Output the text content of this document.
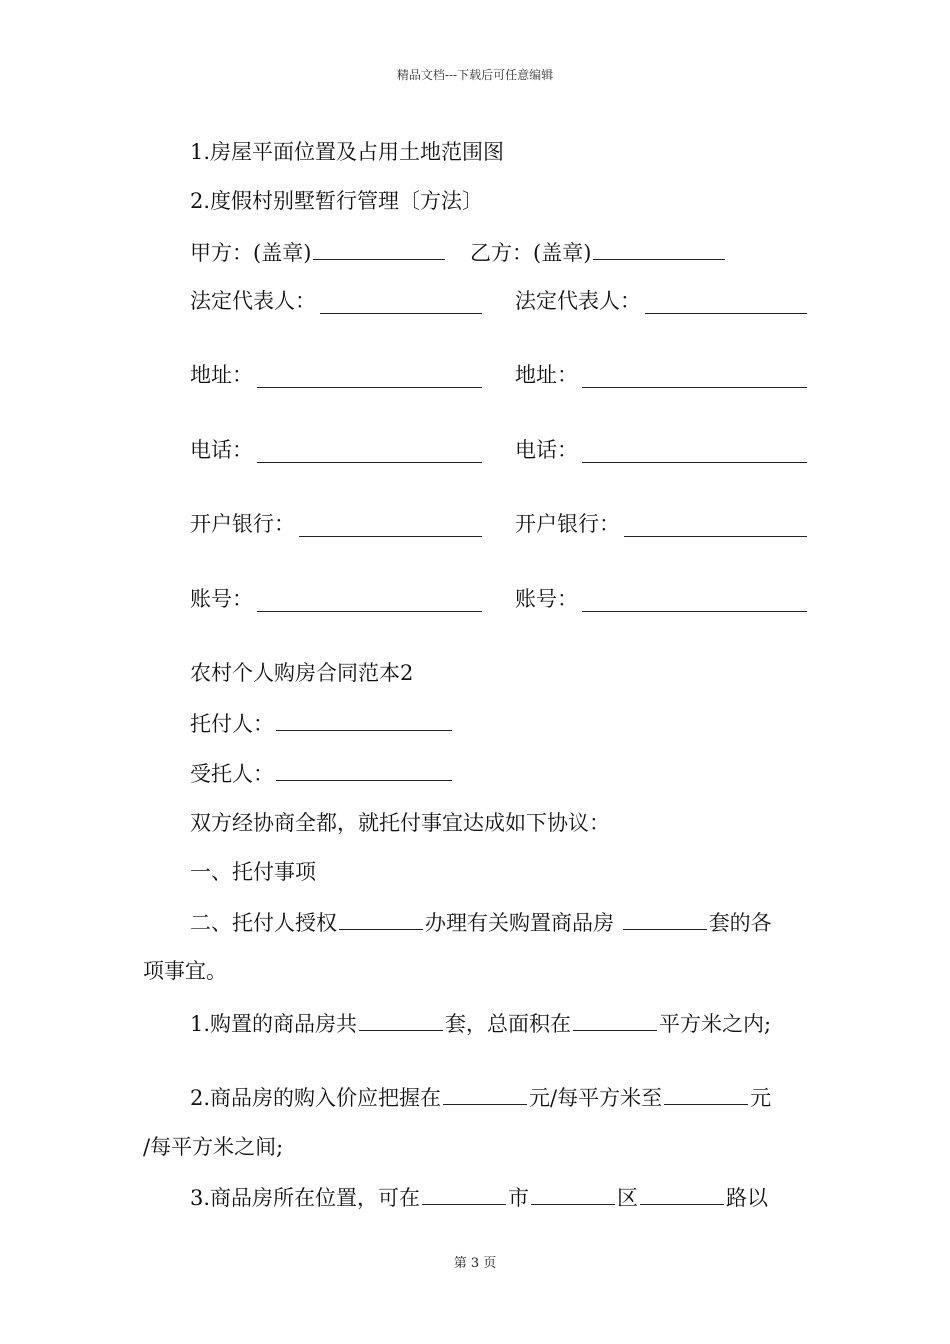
精品文档---下载后可任意编辑
1.房屋平面位置及占用土地范围图
2.度假村别墅暂行管理〔方法〕
甲方：(盖章)	乙方：(盖章)
法定代表人：	法定代表人：
地址：	地址：
电话：	电话：
开户银行：	开户银行：
账号：	账号：
农村个人购房合同范本2
托付人：
受托人：
双方经协商全都，就托付事宜达成如下协议：
一、托付事项
二、托付人授权	办理有关购置商品房	套的各
项事宜。
1.购置的商品房共	套，总面积在	平方米之内;
2.商品房的购入价应把握在	元/每平方米至	元
/每平方米之间;
3.商品房所在位置，可在	市	区	路以
第 3 页
